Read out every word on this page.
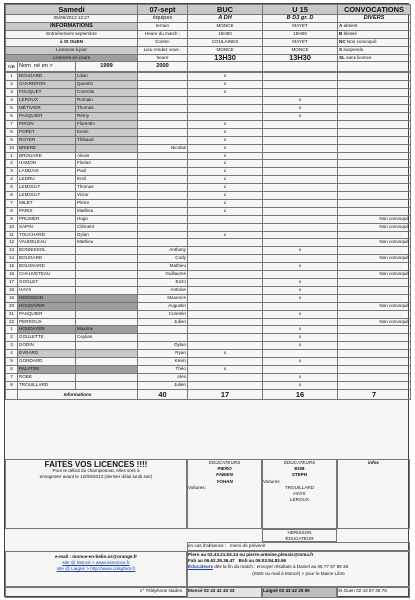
Samedi			07-sept	BUC	U 15	CONVOCATIONS
05/09/2013 13:27			équipes	A DH	B D3 gr. D	DIVERS
INFORMATIONS			terrain	MONCE	MAYET	A absent
Entraînement septembre			Heure du match :	15H00	15H00	B blessé
à St OUEN			Contre:	COULAINES	MAYET	NC Non convoqué
Licences à jour			Lieu rendez vous :	MONCE	MONCE	S suspendu
Licences en cours			heure	13H30	13H30	SL sans licence
NB	Nom né en >	1999	2000			
1	BOUGARD	Lilian		x		
2	CHARDRON	Quentin		x		
3	FOUQUET	Corentin		x		
4	LEROUX	Romain			x	
5	MÉTIVIER	Thomas			x	
6	PASQUIER	Rémy			x	
7	PIRON	Florentin		x		
8	PORET	Kevin		x		
9	ROYER	Thibaud		x		
10	BRIERE		Nicolas	x		
1	BROUARD	Alexis		x		
2	HAMON	Florian		x		
3	LANDAIS	Paul		x		
4	LEDRU	Emil		x		
5	LEMOULT	Thomas		x		
6	LEMOULT	Victor		x		
7	MILET	Pierre		x		
8	PARIS	Mathieu		x		
9	PRUSIER	Hugo				Non convoqué
10	SAPIN	Clément				Non convoqué
11	TOUCHARD	Dylan		x		
12	VAUDELEAU	Mathieu				Non convoqué
13	BONNISSOL		Anthony		x	
14	BOUGARD		Cody			Non convoqué
15	BOUSSARD		Mathieu		x	
16	CHAUVETEAU		Guillaume			Non convoqué
17	GOGLET		Enzo		x	
18	HAYS		Antoine		x	
19	HERISSON		Maxence		x	
20	HOUDAYER		Augustin			Non convoqué
21	PASQUIER		Corentin		x	
22	PERROUX		Julien			Non convoqué
1	HOUDAYER	Maxime			x	
2	GOULETTE	Ceylian			x	
3	DODIN		Dylan		x	
4	EVRARD		Ryan	x		
5	GONDARD		Kévin		x	
6	PALATRE		Théo	x		
7	ROBE		Alex		x	
8	TROUILLARD		Julien		x	
	Informations		40	17	16	7
FAITES VOS LICENCES !!!!
Pour le début du championnat, elles sont à
enregistrer avant le 10/09/2013 (dernier délai lundi soir)
ÉDUCATEURS
PIERO
FABIEN
YOHAN
Voitures:
ÉDUCATEURS
BOB
STEPH
Voitures
TROUILLARD
HAYS
LEROUX
infos
HERISSON
ÉDUCATEUR
en cas d'absence : merci de prévenir
e-mail : monce-en-belin.ss@orange.fr
site @ Moncé > www.esmonce.fr
site @ Laigné > http://www.colsgfoot.fr
Piero au 02.43.21.93.14 ou pierre-antoine.plessis@mma.fr
Fab au 06.62.35.36.47 Bob au 06.03.84.83.96
Éducateurs dès la fin du match : envoyer résultats à Daniel au 06 77 57 99 36
(SMS ou mail à Moncé) > pour le Maine Libre
n° Téléphone stades	Moncé 02 43 42 43 33	Laigné 02 43 42 25 95	St Ouen 02 43 87 48 75
